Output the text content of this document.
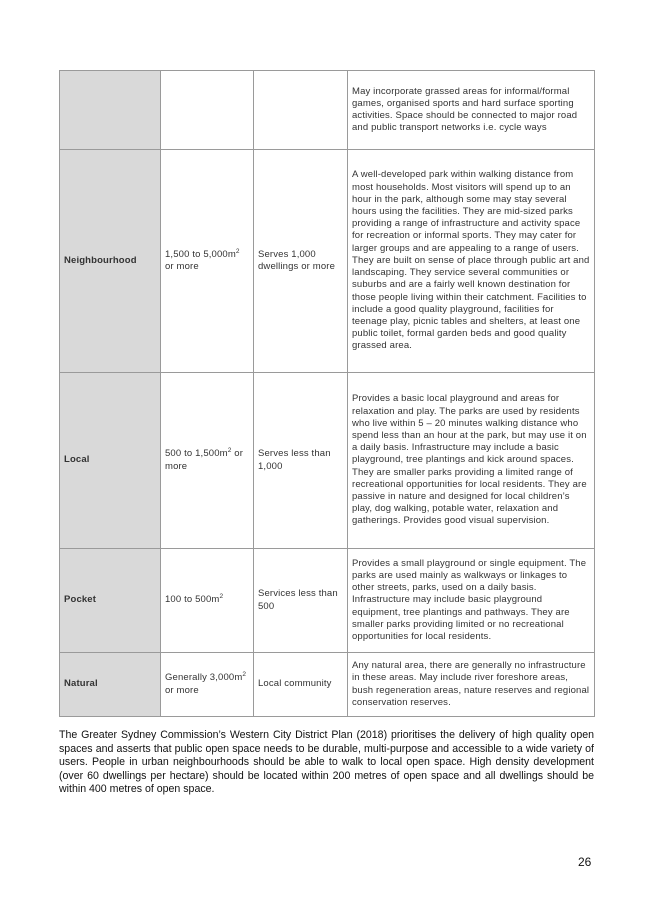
			May incorporate grassed areas for informal/formal games, organised sports and hard surface sporting activities. Space should be connected to major road and public transport networks i.e. cycle ways
Neighbourhood	1,500 to $5,000m^2$ or more	Serves 1,000 dwellings or more	A well-developed park within walking distance from most households. Most visitors will spend up to an hour in the park, although some may stay several hours using the facilities. They are mid-sized parks providing a range of infrastructure and activity space for recreation or informal sports. They may cater for larger groups and are appealing to a range of users. They are built on sense of place through public art and landscaping. They service several communities or suburbs and are a fairly well known destination for those people living within their catchment. Facilities to include a good quality playground, facilities for teenage play, picnic tables and shelters, at least one public toilet, formal garden beds and good quality grassed area.
Local	500 to $1,500m^2$ or more	Serves less than 1,000	Provides a basic local playground and areas for relaxation and play. The parks are used by residents who live within 5 – 20 minutes walking distance who spend less than an hour at the park, but may use it on a daily basis. Infrastructure may include a basic playground, tree plantings and kick around spaces. They are smaller parks providing a limited range of recreational opportunities for local residents. They are passive in nature and designed for local children’s play, dog walking, potable water, relaxation and gatherings. Provides good visual supervision.
Pocket	100 to $500m^2$	Services less than 500	Provides a small playground or single equipment. The parks are used mainly as walkways or linkages to other streets, parks, used on a daily basis. Infrastructure may include basic playground equipment, tree plantings and pathways. They are smaller parks providing limited or no recreational opportunities for local residents.
Natural	Generally $3,000m^2$ or more	Local community	Any natural area, there are generally no infrastructure in these areas. May include river foreshore areas, bush regeneration areas, nature reserves and regional conservation reserves.

The Greater Sydney Commission’s Western City District Plan (2018) prioritises the delivery of high quality open spaces and asserts that public open space needs to be durable, multi-purpose and accessible to a wide variety of users. People in urban neighbourhoods should be able to walk to local open space. High density development (over 60 dwellings per hectare) should be located within 200 metres of open space and all dwellings should be within 400 metres of open space.

26
